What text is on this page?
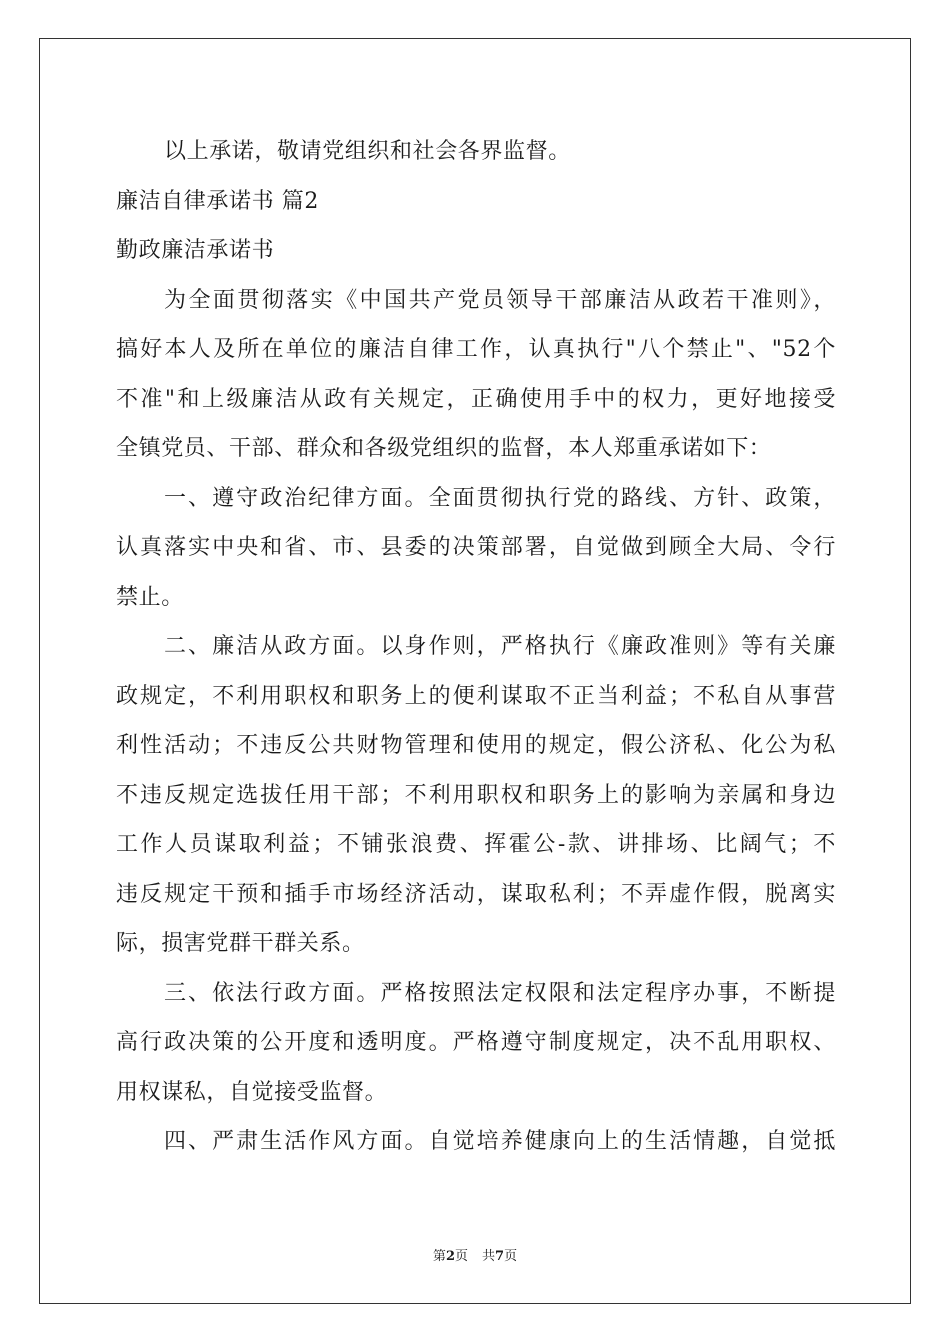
以上承诺，敬请党组织和社会各界监督。
廉洁自律承诺书 篇2
勤政廉洁承诺书
为全面贯彻落实《中国共产党员领导干部廉洁从政若干准则》，
搞好本人及所在单位的廉洁自律工作，认真执行"八个禁止"、"52个
不准"和上级廉洁从政有关规定，正确使用手中的权力，更好地接受
全镇党员、干部、群众和各级党组织的监督，本人郑重承诺如下：
一、遵守政治纪律方面。全面贯彻执行党的路线、方针、政策，
认真落实中央和省、市、县委的决策部署，自觉做到顾全大局、令行
禁止。
二、廉洁从政方面。以身作则，严格执行《廉政准则》等有关廉
政规定，不利用职权和职务上的便利谋取不正当利益；不私自从事营
利性活动；不违反公共财物管理和使用的规定，假公济私、化公为私
不违反规定选拔任用干部；不利用职权和职务上的影响为亲属和身边
工作人员谋取利益；不铺张浪费、挥霍公-款、讲排场、比阔气；不
违反规定干预和插手市场经济活动，谋取私利；不弄虚作假，脱离实
际，损害党群干群关系。
三、依法行政方面。严格按照法定权限和法定程序办事，不断提
高行政决策的公开度和透明度。严格遵守制度规定，决不乱用职权、
用权谋私，自觉接受监督。
四、严肃生活作风方面。自觉培养健康向上的生活情趣，自觉抵
第2页 共7页
